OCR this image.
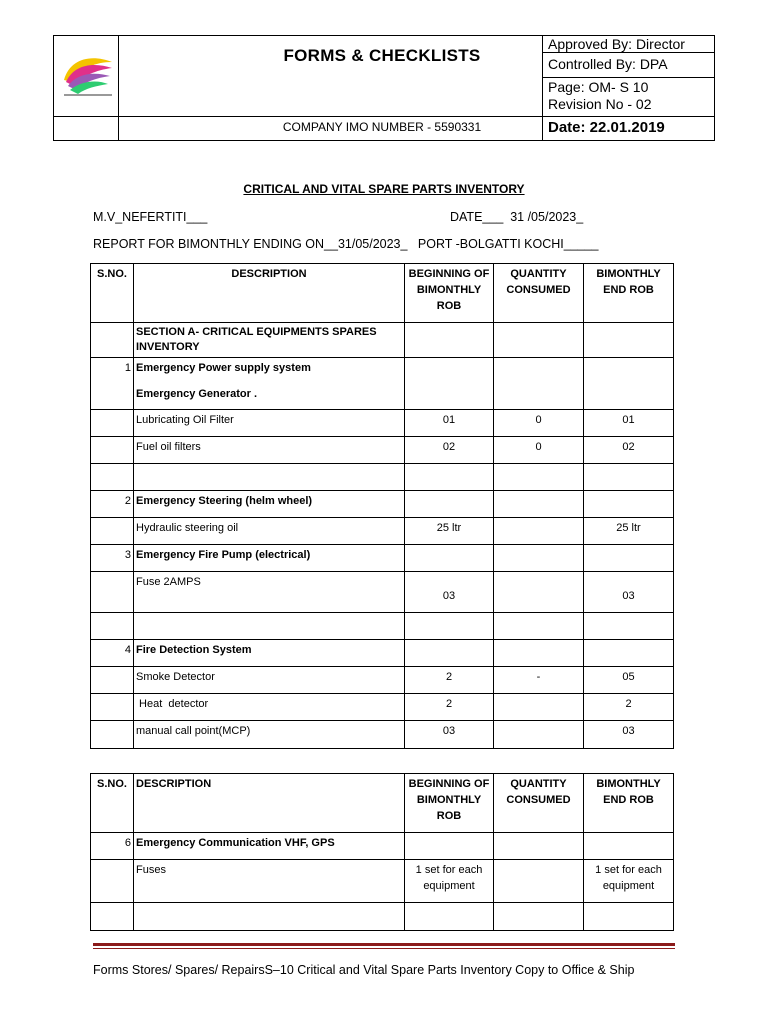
FORMS & CHECKLISTS
COMPANY IMO NUMBER - 5590331
Approved By: Director
Controlled By: DPA
Page: OM- S 10
Revision No - 02
Date: 22.01.2019
CRITICAL AND VITAL SPARE PARTS INVENTORY
M.V_NEFERTITI___	DATE___  31 /05/2023_
REPORT FOR BIMONTHLY ENDING ON__31/05/2023_   PORT -BOLGATTI KOCHI_____
S.NO.	DESCRIPTION	BEGINNING OF BIMONTHLY ROB	QUANTITY CONSUMED	BIMONTHLY END ROB
	SECTION A- CRITICAL EQUIPMENTS SPARES INVENTORY			
1	Emergency Power supply system
Emergency Generator .			

	Lubricating Oil Filter	01	0	01
	Fuel oil filters	02	0	02

2	Emergency Steering (helm wheel)			
	Hydraulic steering oil	25 ltr		25 ltr
3	Emergency Fire Pump (electrical)			
	Fuse 2AMPS	03		03

4	Fire Detection System			
	Smoke Detector	2	-	05
	Heat  detector	2		2
	manual call point(MCP)	03		03
S.NO.	DESCRIPTION	BEGINNING OF BIMONTHLY ROB	QUANTITY CONSUMED	BIMONTHLY END ROB
6	Emergency Communication VHF, GPS			
	Fuses	1 set for each equipment		1 set for each equipment

Forms Stores/ Spares/ RepairsS–10 Critical and Vital Spare Parts Inventory Copy to Office & Ship
